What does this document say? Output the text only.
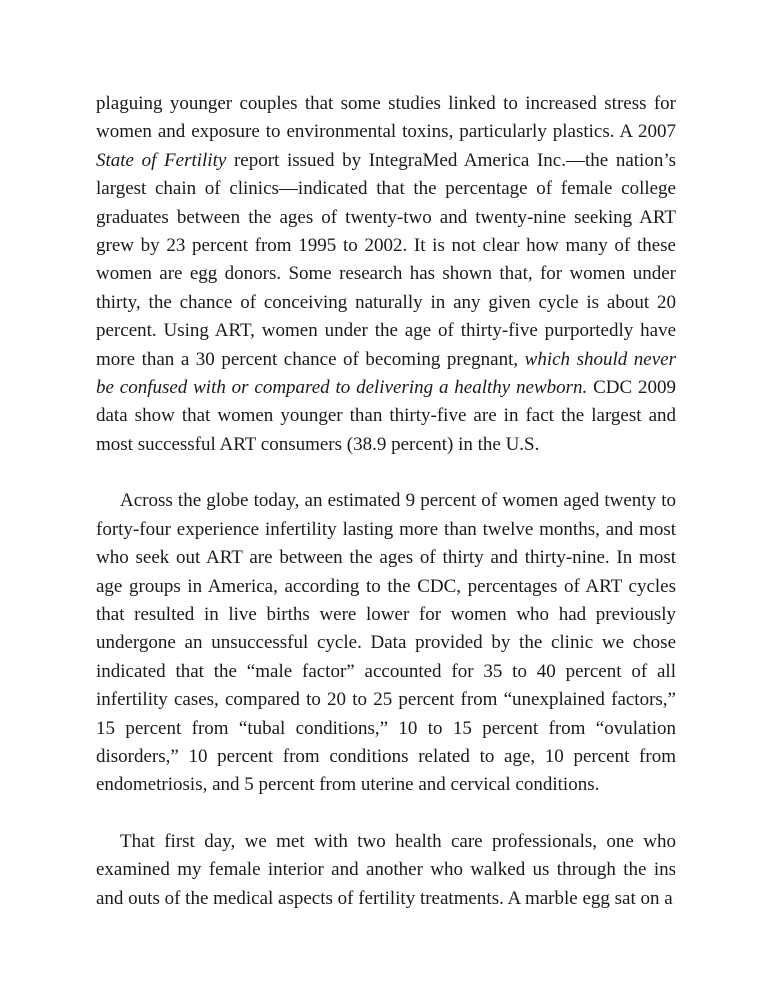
plaguing younger couples that some studies linked to increased stress for women and exposure to environmental toxins, particularly plastics. A 2007 State of Fertility report issued by IntegraMed America Inc.—the nation’s largest chain of clinics—indicated that the percentage of female college graduates between the ages of twenty-two and twenty-nine seeking ART grew by 23 percent from 1995 to 2002. It is not clear how many of these women are egg donors. Some research has shown that, for women under thirty, the chance of conceiving naturally in any given cycle is about 20 percent. Using ART, women under the age of thirty-five purportedly have more than a 30 percent chance of becoming pregnant, which should never be confused with or compared to delivering a healthy newborn. CDC 2009 data show that women younger than thirty-five are in fact the largest and most successful ART consumers (38.9 percent) in the U.S.

Across the globe today, an estimated 9 percent of women aged twenty to forty-four experience infertility lasting more than twelve months, and most who seek out ART are between the ages of thirty and thirty-nine. In most age groups in America, according to the CDC, percentages of ART cycles that resulted in live births were lower for women who had previously undergone an unsuccessful cycle. Data provided by the clinic we chose indicated that the “male factor” accounted for 35 to 40 percent of all infertility cases, compared to 20 to 25 percent from “unexplained factors,” 15 percent from “tubal conditions,” 10 to 15 percent from “ovulation disorders,” 10 percent from conditions related to age, 10 percent from endometriosis, and 5 percent from uterine and cervical conditions.

That first day, we met with two health care professionals, one who examined my female interior and another who walked us through the ins and outs of the medical aspects of fertility treatments. A marble egg sat on a
